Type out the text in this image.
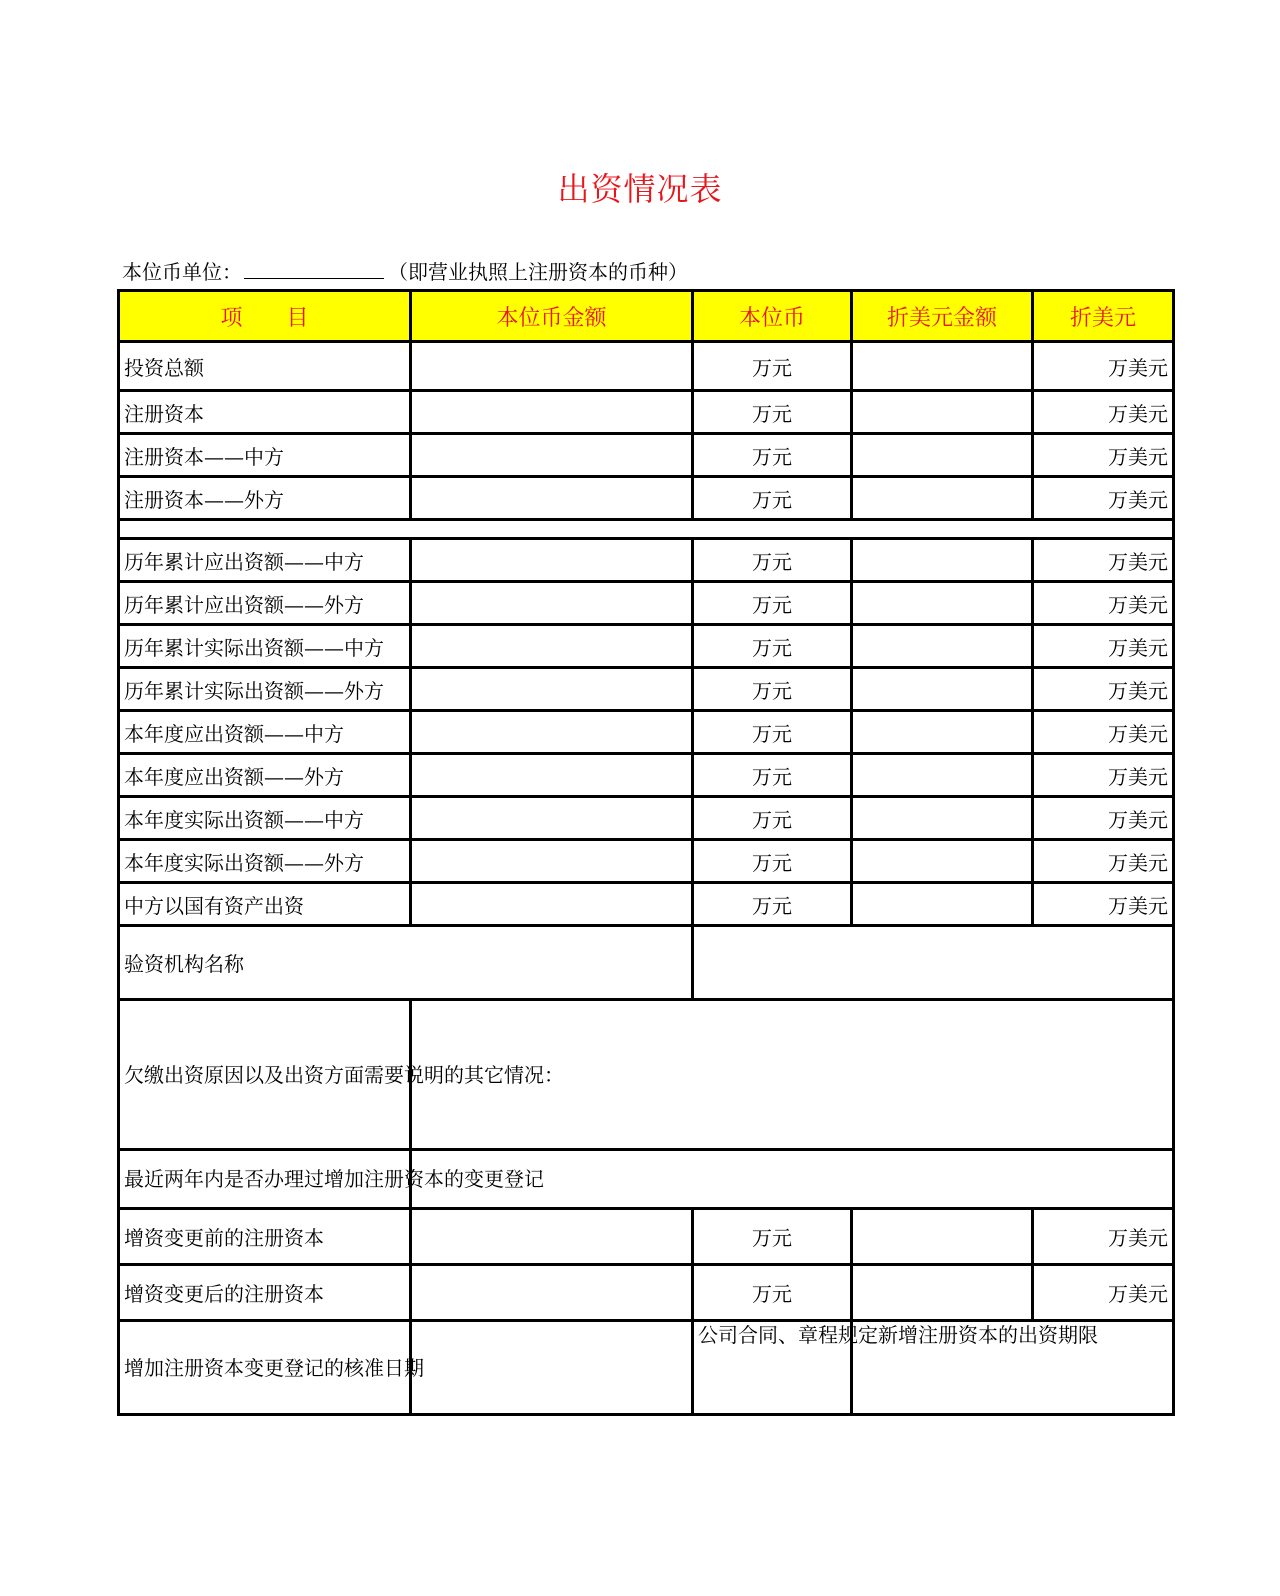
出资情况表
本位币单位：	（即营业执照上注册资本的币种）
项　　目	本位币金额	本位币	折美元金额	折美元
投资总额		万元		万美元
注册资本		万元		万美元
注册资本——中方		万元		万美元
注册资本——外方		万元		万美元

历年累计应出资额——中方		万元		万美元
历年累计应出资额——外方		万元		万美元
历年累计实际出资额——中方		万元		万美元
历年累计实际出资额——外方		万元		万美元
本年度应出资额——中方		万元		万美元
本年度应出资额——外方		万元		万美元
本年度实际出资额——中方		万元		万美元
本年度实际出资额——外方		万元		万美元
中方以国有资产出资		万元		万美元
验资机构名称				
欠缴出资原因以及出资方面需要说明的其它情况：				
最近两年内是否办理过增加注册资本的变更登记				
增资变更前的注册资本		万元		万美元
增资变更后的注册资本		万元		万美元
增加注册资本变更登记的核准日期		公司合同、章程规定新增注册资本的出资期限		
